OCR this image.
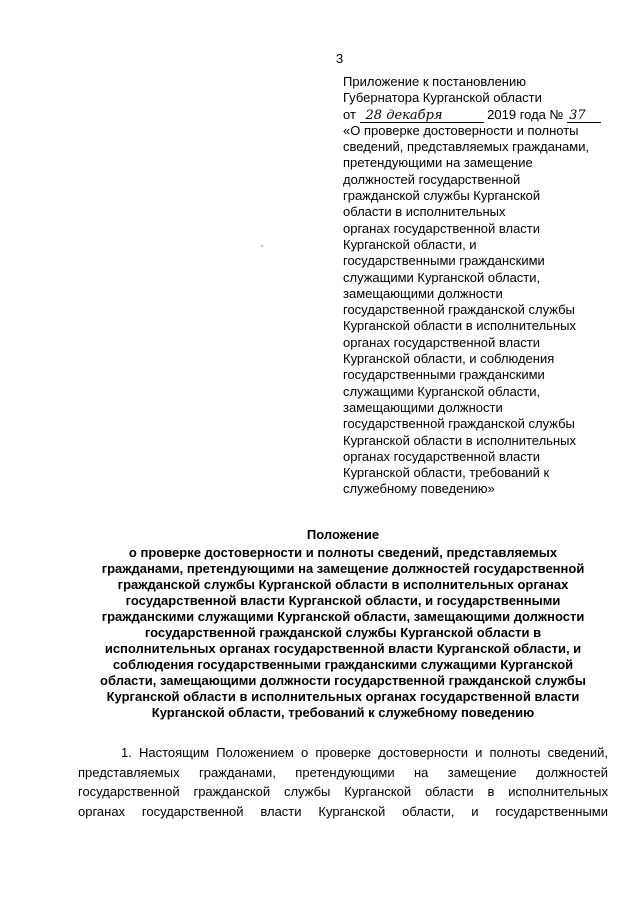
3
Приложение к постановлению
Губернатора Курганской области
от 28 декабря	2019 года № 37
«О проверке достоверности и полноты
сведений, представляемых гражданами,
претендующими на замещение
должностей государственной
гражданской службы Курганской
области в исполнительных
органах государственной власти
Курганской области, и
государственными гражданскими
служащими Курганской области,
замещающими должности
государственной гражданской службы
Курганской области в исполнительных
органах государственной власти
Курганской области, и соблюдения
государственными гражданскими
служащими Курганской области,
замещающими должности
государственной гражданской службы
Курганской области в исполнительных
органах государственной власти
Курганской области, требований к
служебному поведению»
Положение
о проверке достоверности и полноты сведений, представляемых
гражданами, претендующими на замещение должностей государственной
гражданской службы Курганской области в исполнительных органах
государственной власти Курганской области, и государственными
гражданскими служащими Курганской области, замещающими должности
государственной гражданской службы Курганской области в
исполнительных органах государственной власти Курганской области, и
соблюдения государственными гражданскими служащими Курганской
области, замещающими должности государственной гражданской службы
Курганской области в исполнительных органах государственной власти
Курганской области, требований к служебному поведению
1. Настоящим Положением о проверке достоверности и полноты сведений,
представляемых гражданами, претендующими на замещение должностей
государственной гражданской службы Курганской области в исполнительных
органах государственной власти Курганской области, и государственными
